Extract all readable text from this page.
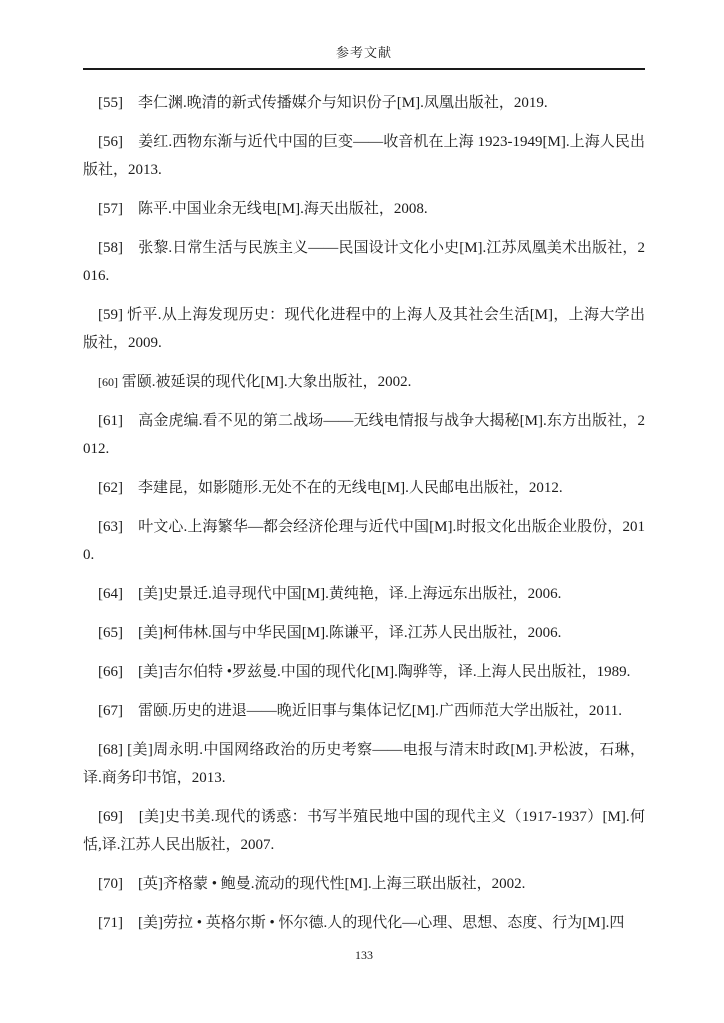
参考文献

[55]　李仁渊.晚清的新式传播媒介与知识份子[M].凤凰出版社，2019.

[56]　姜红.西物东渐与近代中国的巨变——收音机在上海 1923-1949[M].上海人民出版社，2013.

[57]　陈平.中国业余无线电[M].海天出版社，2008.

[58]　张黎.日常生活与民族主义——民国设计文化小史[M].江苏凤凰美术出版社，2016.

[59] 忻平.从上海发现历史：现代化进程中的上海人及其社会生活[M]，上海大学出版社，2009.

[60] 雷颐.被延误的现代化[M].大象出版社，2002.

[61]　高金虎编.看不见的第二战场——无线电情报与战争大揭秘[M].东方出版社，2012.

[62]　李建昆，如影随形.无处不在的无线电[M].人民邮电出版社，2012.

[63]　叶文心.上海繁华—都会经济伦理与近代中国[M].时报文化出版企业股份，2010.

[64]　[美]史景迁.追寻现代中国[M].黄纯艳，译.上海远东出版社，2006.

[65]　[美]柯伟林.国与中华民国[M].陈谦平，译.江苏人民出版社，2006.

[66]　[美]吉尔伯特 •罗兹曼.中国的现代化[M].陶骅等，译.上海人民出版社，1989.

[67]　雷颐.历史的进退——晚近旧事与集体记忆[M].广西师范大学出版社，2011.

[68] [美]周永明.中国网络政治的历史考察——电报与清末时政[M].尹松波，石琳，译.商务印书馆，2013.

[69]　[美]史书美.现代的诱惑：书写半殖民地中国的现代主义（1917-1937）[M].何恬,译.江苏人民出版社，2007.

[70]　[英]齐格蒙 • 鲍曼.流动的现代性[M].上海三联出版社，2002.

[71]　[美]劳拉 • 英格尔斯 • 怀尔德.人的现代化—心理、思想、态度、行为[M].四

133
